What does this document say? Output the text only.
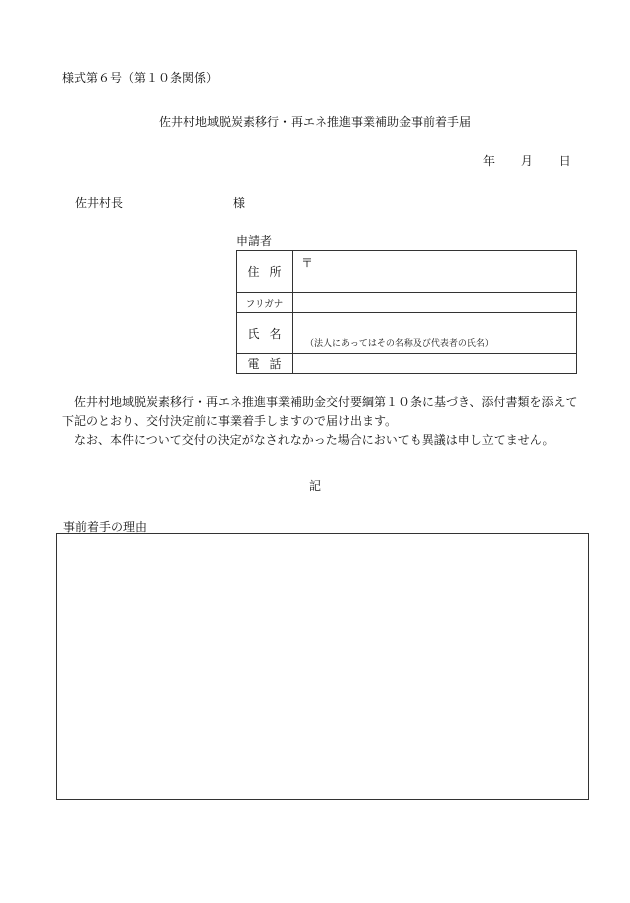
様式第６号（第１０条関係）
佐井村地域脱炭素移行・再エネ推進事業補助金事前着手届
年 月 日
佐井村長	様
申請者
住所
〒
フリガナ
氏名
（法人にあってはその名称及び代表者の氏名）
電話

佐井村地域脱炭素移行・再エネ推進事業補助金交付要綱第１０条に基づき、添付書類を添えて下記のとおり、交付決定前に事業着手しますので届け出ます。

なお、本件について交付の決定がなされなかった場合においても異議は申し立てません。

記
事前着手の理由
